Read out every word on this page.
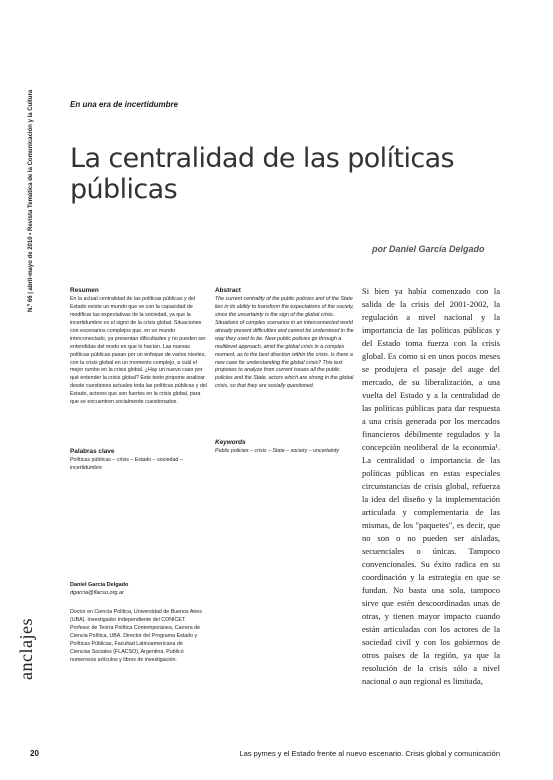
N.º 66 | abril-mayo de 2010 • Revista Temática de la Comunicación y la Cultura
anclajes
En una era de incertidumbre
La centralidad de las políticas públicas
por Daniel García Delgado
Resumen

En la actual centralidad de las políticas públicas y del Estado existe un mundo que ve con la capacidad de modificar las expectativas de la sociedad, ya que la incertidumbre es el signo de la crisis global. Situaciones con escenarios complejos que, en un mundo interconectado, ya presentan dificultades y no pueden ser entendidas del modo en que lo hacían. Las nuevas políticas públicas pasan por un enfoque de varios niveles, con la crisis global en un momento complejo, a cuál el mejor rumbo en la crisis global. ¿Hay un nuevo caso por qué entender la crisis global? Este texto propone analizar desde cuestiones actuales toda las políticas públicas y del Estado, actores que son fuertes en la crisis global, para que se encuentren socialmente cuestionados.

Palabras clave

Políticas públicas – crisis – Estado – sociedad – incertidumbre

Abstract

The current centrality of the public policies and of the State lies in its ability to transform the expectations of the society, since the uncertainty is the sign of the global crisis. Situations of complex scenarios in an interconnected world already present difficulties and cannot be understood in the way they used to be. New public policies go through a multilevel approach, amid the global crisis in a complex moment, as to the best direction within the crisis. Is there a new case for understanding the global crisis? This text proposes to analyze from current issues all the public policies and the State, actors which are strong in the global crisis, so that they are socially questioned.

Keywords

Public policies – crisis – State – society – uncertainty

Daniel García Delgado
dgarcia@flacso.org.ar

Doctor en Ciencia Política, Universidad de Buenos Aires (UBA). Investigador Independiente del CONICET. Profesor de Teoría Política Contemporánea, Carrera de Ciencia Política, UBA. Director del Programa Estado y Políticas Públicas, Facultad Latinoamericana de Ciencias Sociales (FLACSO), Argentina. Publicó numerosos artículos y libros de investigación.

Si bien ya había comenzado con la salida de la crisis del 2001-2002, la regulación a nivel nacional y la importancia de las políticas públicas y del Estado toma fuerza con la crisis global. Es como si en unos pocos meses se produjera el pasaje del auge del mercado, de su liberalización, a una vuelta del Estado y a la centralidad de las políticas públicas para dar respuesta a una crisis generada por los mercados financieros débilmente regulados y la concepción neoliberal de la economía¹. La centralidad o importancia de las políticas públicas en estas especiales circunstancias de crisis global, refuerza la idea del diseño y la implementación articulada y complementaria de las mismas, de los "paquetes", es decir, que no son o no pueden ser aisladas, secuenciales o únicas. Tampoco convencionales. Su éxito radica en su coordinación y la estrategia en que se fundan. No basta una sola, tampoco sirve que estén descoordinadas unas de otras, y tienen mayor impacto cuando están articuladas con los actores de la sociedad civil y con los gobiernos de otros países de la región, ya que la resolución de la crisis sólo a nivel nacional o aun regional es limitada,

20	Las pymes y el Estado frente al nuevo escenario. Crisis global y comunicación
